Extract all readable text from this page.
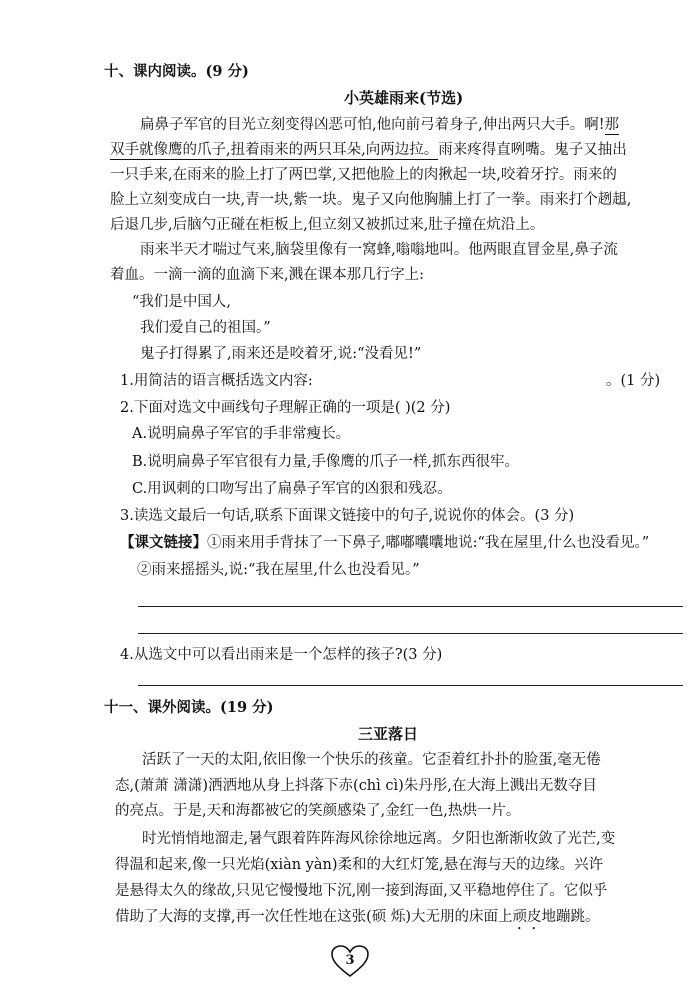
十、课内阅读。(9 分)
小英雄雨来(节选)
扁鼻子军官的目光立刻变得凶恶可怕,他向前弓着身子,伸出两只大手。啊!那
双手就像鹰的爪子,扭着雨来的两只耳朵,向两边拉。雨来疼得直咧嘴。鬼子又抽出
一只手来,在雨来的脸上打了两巴掌,又把他脸上的肉揪起一块,咬着牙拧。雨来的
脸上立刻变成白一块,青一块,紫一块。鬼子又向他胸脯上打了一拳。雨来打个趔趄,
后退几步,后脑勺正碰在柜板上,但立刻又被抓过来,肚子撞在炕沿上。
雨来半天才喘过气来,脑袋里像有一窝蜂,嗡嗡地叫。他两眼直冒金星,鼻子流
着血。一滴一滴的血滴下来,溅在课本那几行字上:
“我们是中国人,
我们爱自己的祖国。”
鬼子打得累了,雨来还是咬着牙,说:“没看见!”
1.用简洁的语言概括选文内容:	。(1 分)
2.下面对选文中画线句子理解正确的一项是( )(2 分)
A.说明扁鼻子军官的手非常瘦长。
B.说明扁鼻子军官很有力量,手像鹰的爪子一样,抓东西很牢。
C.用讽刺的口吻写出了扁鼻子军官的凶狠和残忍。
3.读选文最后一句话,联系下面课文链接中的句子,说说你的体会。(3 分)
【课文链接】①雨来用手背抹了一下鼻子,嘟嘟囔囔地说:“我在屋里,什么也没看见。”
②雨来摇摇头,说:“我在屋里,什么也没看见。”
4.从选文中可以看出雨来是一个怎样的孩子?(3 分)
十一、课外阅读。(19 分)
三亚落日
活跃了一天的太阳,依旧像一个快乐的孩童。它歪着红扑扑的脸蛋,毫无倦
态,(萧萧 潇潇)洒洒地从身上抖落下赤(chì cì)朱丹彤,在大海上溅出无数夺目
的亮点。于是,天和海都被它的笑颜感染了,金红一色,热烘一片。
时光悄悄地溜走,暑气跟着阵阵海风徐徐地远离。夕阳也渐渐收敛了光芒,变
得温和起来,像一只光焰(xiàn yàn)柔和的大红灯笼,悬在海与天的边缘。兴许
是悬得太久的缘故,只见它慢慢地下沉,刚一接到海面,又平稳地停住了。它似乎
借助了大海的支撑,再一次任性地在这张(硕 烁)大无朋的床面上顽皮地蹦跳。
3
